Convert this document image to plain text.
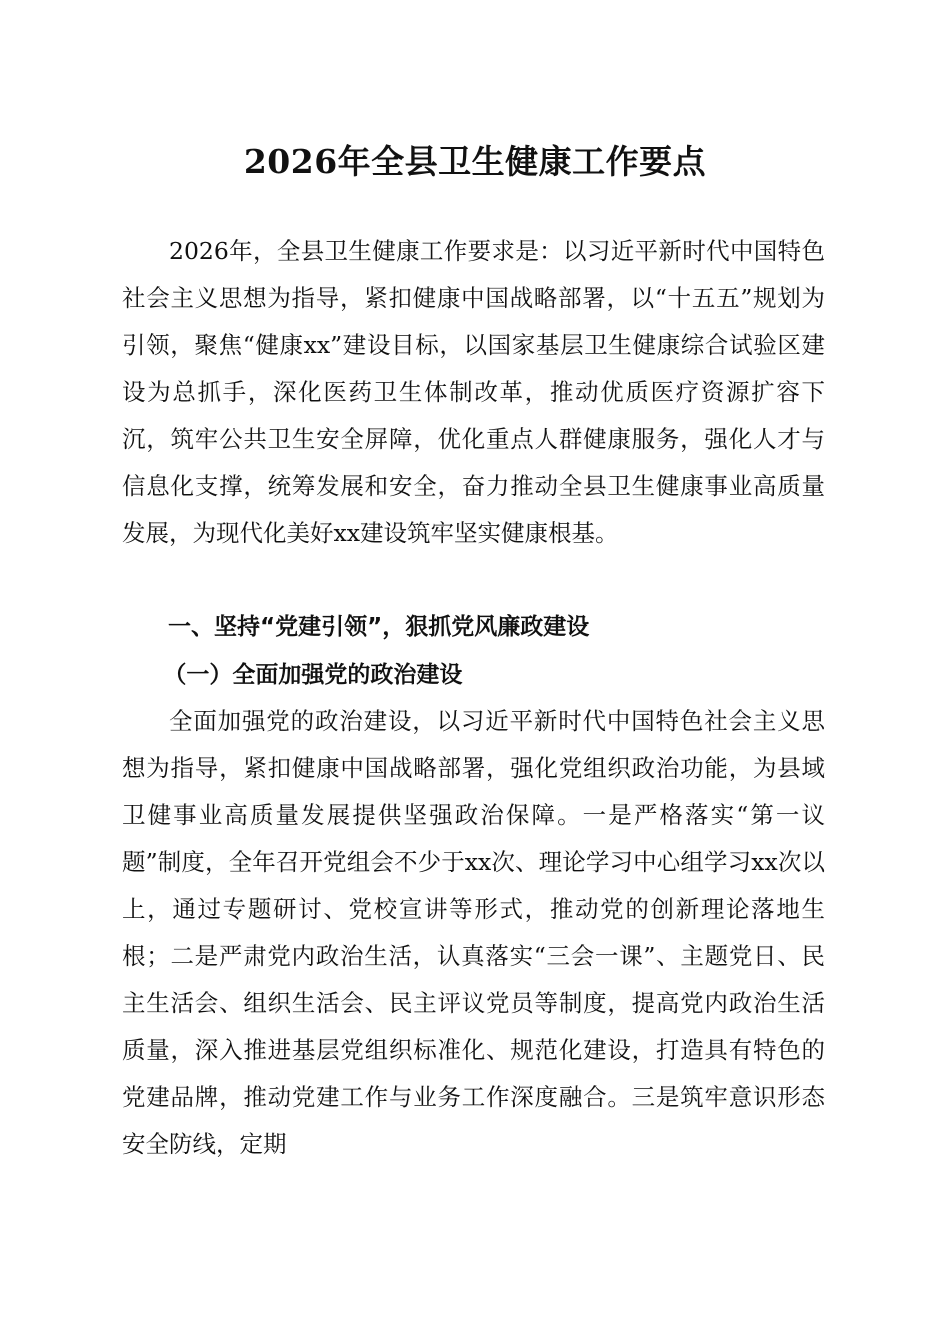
2026年全县卫生健康工作要点

2026年，全县卫生健康工作要求是：以习近平新时代中国特色社会主义思想为指导，紧扣健康中国战略部署，以“十五五”规划为引领，聚焦“健康xx”建设目标，以国家基层卫生健康综合试验区建设为总抓手，深化医药卫生体制改革，推动优质医疗资源扩容下沉，筑牢公共卫生安全屏障，优化重点人群健康服务，强化人才与信息化支撑，统筹发展和安全，奋力推动全县卫生健康事业高质量发展，为现代化美好xx建设筑牢坚实健康根基。

一、坚持“党建引领”，狠抓党风廉政建设

（一）全面加强党的政治建设

全面加强党的政治建设，以习近平新时代中国特色社会主义思想为指导，紧扣健康中国战略部署，强化党组织政治功能，为县域卫健事业高质量发展提供坚强政治保障。一是严格落实“第一议题”制度，全年召开党组会不少于xx次、理论学习中心组学习xx次以上，通过专题研讨、党校宣讲等形式，推动党的创新理论落地生根；二是严肃党内政治生活，认真落实“三会一课”、主题党日、民主生活会、组织生活会、民主评议党员等制度，提高党内政治生活质量，深入推进基层党组织标准化、规范化建设，打造具有特色的党建品牌，推动党建工作与业务工作深度融合。三是筑牢意识形态安全防线，定期
